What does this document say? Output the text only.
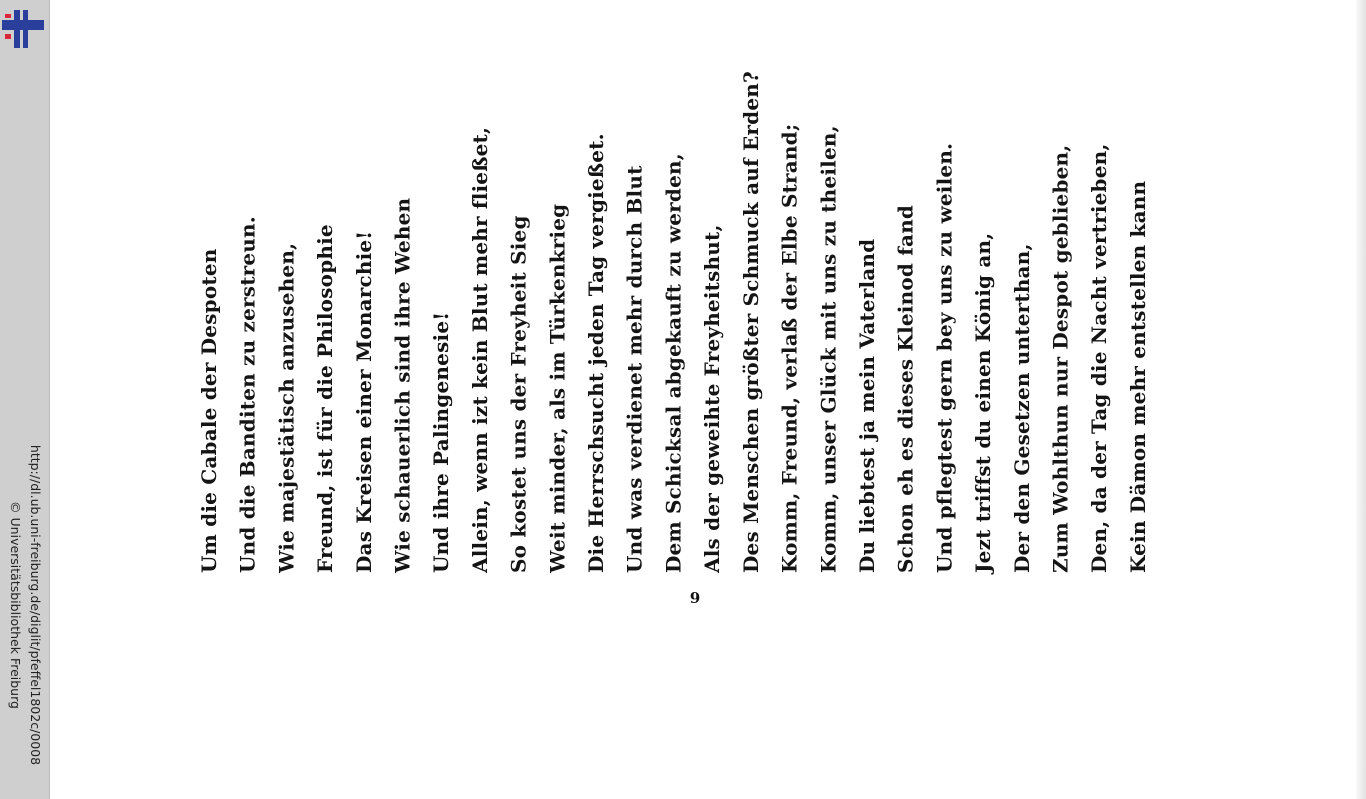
http://dl.ub.uni-freiburg.de/diglit/pfeffel1802c/0008
© Universitätsbibliothek Freiburg	6
Um die Cabale der Despoten Und die Banditen zu zerstreun. Wie majestätisch anzusehen, Freund, ist für die Philosophie Das Kreisen einer Monarchie! Wie schauerlich sind ihre Wehen Und ihre Palingenesie! Allein, wenn izt kein Blut mehr fließet, So kostet uns der Freyheit Sieg Weit minder, als im Türkenkrieg Die Herrschsucht jeden Tag vergießet. Und was verdienet mehr durch Blut Dem Schicksal abgekauft zu werden, Als der geweihte Freyheitshut, Des Menschen größter Schmuck auf Erden? Komm, Freund, verlaß der Elbe Strand; Komm, unser Glück mit uns zu theilen, Du liebtest ja mein Vaterland Schon eh es dieses Kleinod fand Und pflegtest gern bey uns zu weilen. Jezt triffst du einen König an, Der den Gesetzen unterthan, Zum Wohlthun nur Despot geblieben, Den, da der Tag die Nacht vertrieben, Kein Dämon mehr entstellen kann
